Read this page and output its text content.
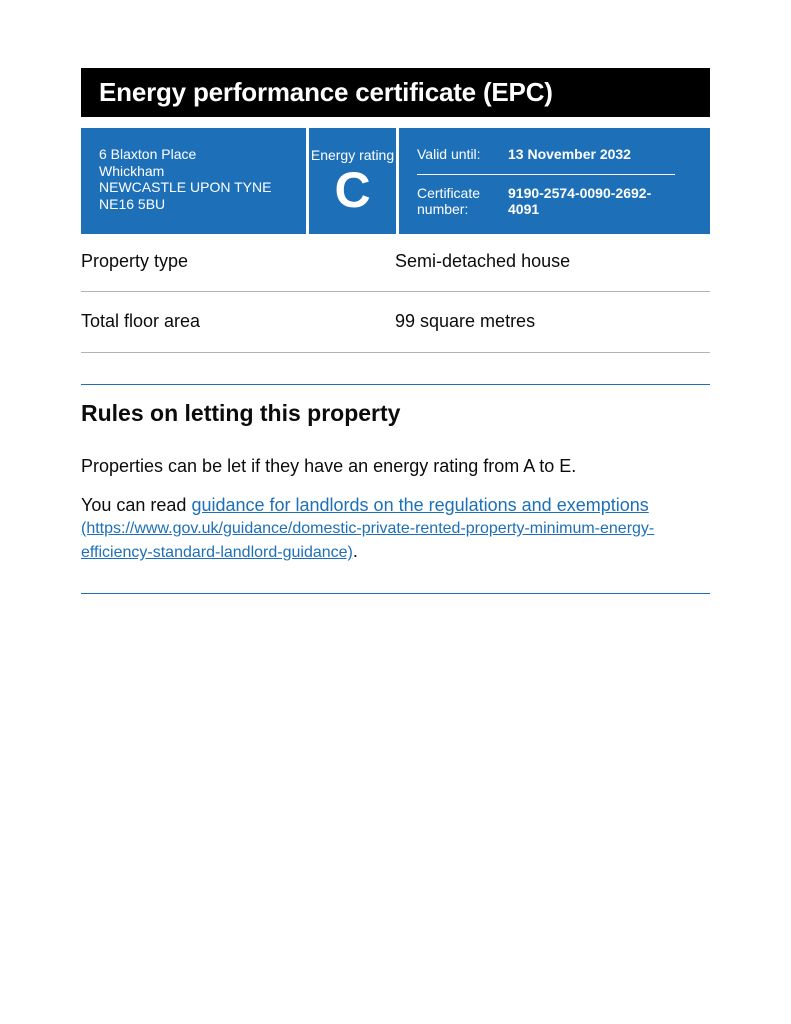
Energy performance certificate (EPC)
6 Blaxton Place
Whickham
NEWCASTLE UPON TYNE
NE16 5BU
Energy rating
C
Valid until:	13 November 2032
Certificate number:
9190-2574-0090-2692-4091
Property type	Semi-detached house
Total floor area	99 square metres
Rules on letting this property

Properties can be let if they have an energy rating from A to E.

You can read guidance for landlords on the regulations and exemptions (https://www.gov.uk/guidance/domestic-private-rented-property-minimum-energy-efficiency-standard-landlord-guidance).
